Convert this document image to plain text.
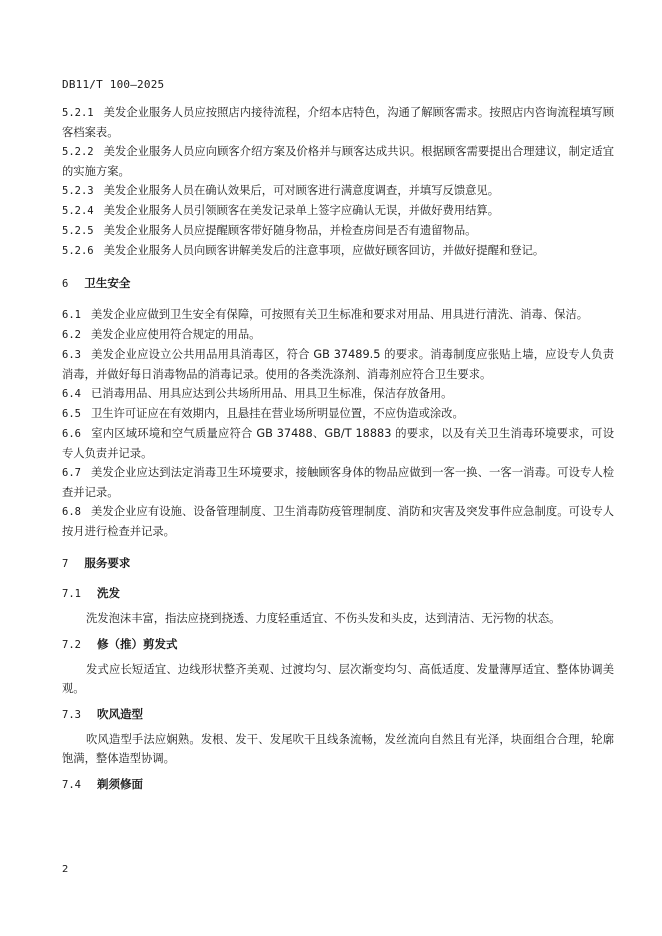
DB11/T 100—2025

5.2.1 美发企业服务人员应按照店内接待流程，介绍本店特色，沟通了解顾客需求。按照店内咨询流程填写顾客档案表。

5.2.2 美发企业服务人员应向顾客介绍方案及价格并与顾客达成共识。根据顾客需要提出合理建议，制定适宜的实施方案。

5.2.3 美发企业服务人员在确认效果后，可对顾客进行满意度调查，并填写反馈意见。

5.2.4 美发企业服务人员引领顾客在美发记录单上签字应确认无误，并做好费用结算。

5.2.5 美发企业服务人员应提醒顾客带好随身物品，并检查房间是否有遗留物品。

5.2.6 美发企业服务人员向顾客讲解美发后的注意事项，应做好顾客回访，并做好提醒和登记。

6 卫生安全

6.1 美发企业应做到卫生安全有保障，可按照有关卫生标准和要求对用品、用具进行清洗、消毒、保洁。

6.2 美发企业应使用符合规定的用品。

6.3 美发企业应设立公共用品用具消毒区，符合 GB 37489.5 的要求。消毒制度应张贴上墙，应设专人负责消毒，并做好每日消毒物品的消毒记录。使用的各类洗涤剂、消毒剂应符合卫生要求。

6.4 已消毒用品、用具应达到公共场所用品、用具卫生标准，保洁存放备用。

6.5 卫生许可证应在有效期内，且悬挂在营业场所明显位置，不应伪造或涂改。

6.6 室内区域环境和空气质量应符合 GB 37488、GB/T 18883 的要求，以及有关卫生消毒环境要求，可设专人负责并记录。

6.7 美发企业应达到法定消毒卫生环境要求，接触顾客身体的物品应做到一客一换、一客一消毒。可设专人检查并记录。

6.8 美发企业应有设施、设备管理制度、卫生消毒防疫管理制度、消防和灾害及突发事件应急制度。可设专人按月进行检查并记录。

7 服务要求
7.1 洗发

洗发泡沫丰富，指法应挠到挠透、力度轻重适宜、不伤头发和头皮，达到清洁、无污物的状态。

7.2 修（推）剪发式

发式应长短适宜、边线形状整齐美观、过渡均匀、层次渐变均匀、高低适度、发量薄厚适宜、整体协调美观。

7.3 吹风造型

吹风造型手法应娴熟。发根、发干、发尾吹干且线条流畅，发丝流向自然且有光泽，块面组合合理，轮廓饱满，整体造型协调。

7.4 剃须修面
2
